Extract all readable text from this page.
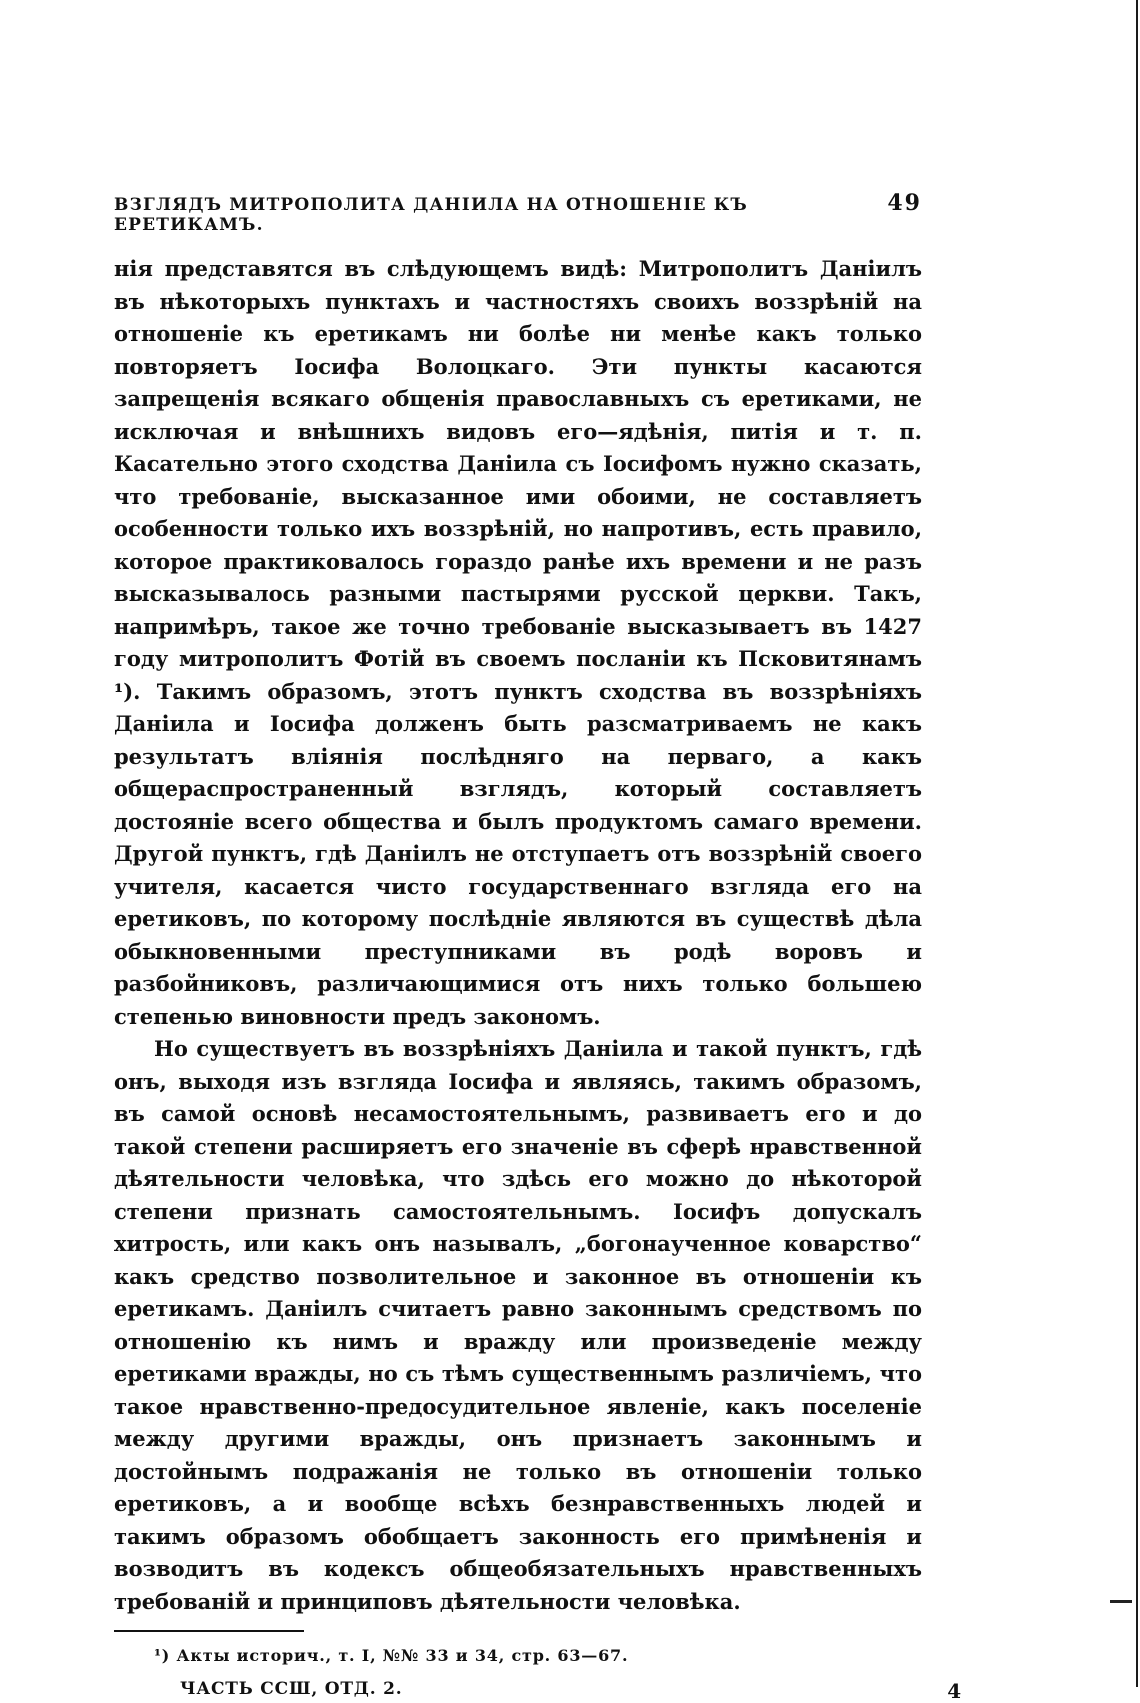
ВЗГЛЯДЪ МИТРОПОЛИТА ДАНІИЛА НА ОТНОШЕНІЕ КЪ ЕРЕТИКАМЪ.
49

нія представятся въ слѣдующемъ видѣ: Митрополитъ Даніилъ въ нѣкоторыхъ пунктахъ и частностяхъ своихъ воззрѣній на отношеніе къ еретикамъ ни болѣе ни менѣе какъ только повторяетъ Іосифа Волоцкаго. Эти пункты касаются запрещенія всякаго общенія православныхъ съ еретиками, не исключая и внѣшнихъ видовъ его—ядѣнія, питія и т. п. Касательно этого сходства Даніила съ Іосифомъ нужно сказать, что требованіе, высказанное ими обоими, не составляетъ особенности только ихъ воззрѣній, но напротивъ, есть правило, которое практиковалось гораздо ранѣе ихъ времени и не разъ высказывалось разными пастырями русской церкви. Такъ, напримѣръ, такое же точно требованіе высказываетъ въ 1427 году митрополитъ Фотій въ своемъ посланіи къ Псковитянамъ ¹). Такимъ образомъ, этотъ пунктъ сходства въ воззрѣніяхъ Даніила и Іосифа долженъ быть разсматриваемъ не какъ результатъ вліянія послѣдняго на перваго, а какъ общераспространенный взглядъ, который составляетъ достояніе всего общества и былъ продуктомъ самаго времени. Другой пунктъ, гдѣ Даніилъ не отступаетъ отъ воззрѣній своего учителя, касается чисто государственнаго взгляда его на еретиковъ, по которому послѣдніе являются въ существѣ дѣла обыкновенными преступниками въ родѣ воровъ и разбойниковъ, различающимися отъ нихъ только большею степенью виновности предъ закономъ.

Но существуетъ въ воззрѣніяхъ Даніила и такой пунктъ, гдѣ онъ, выходя изъ взгляда Іосифа и являясь, такимъ образомъ, въ самой основѣ несамостоятельнымъ, развиваетъ его и до такой степени расширяетъ его значеніе въ сферѣ нравственной дѣятельности человѣка, что здѣсь его можно до нѣкоторой степени признать самостоятельнымъ. Іосифъ допускалъ хитрость, или какъ онъ называлъ, „богонаученное коварство“ какъ средство позволительное и законное въ отношеніи къ еретикамъ. Даніилъ считаетъ равно законнымъ средствомъ по отношенію къ нимъ и вражду или произведеніе между еретиками вражды, но съ тѣмъ существеннымъ различіемъ, что такое нравственно-предосудительное явленіе, какъ поселеніе между другими вражды, онъ признаетъ законнымъ и достойнымъ подражанія не только въ отношеніи только еретиковъ, а и вообще всѣхъ безнравственныхъ людей и такимъ образомъ обобщаетъ законность его примѣненія и возводитъ въ кодексъ общеобязательныхъ нравственныхъ требованій и принциповъ дѣятельности человѣка.

¹) Акты историч., т. I, №№ 33 и 34, стр. 63—67.
ЧАСТЬ ССШ, ОТД. 2.	4
